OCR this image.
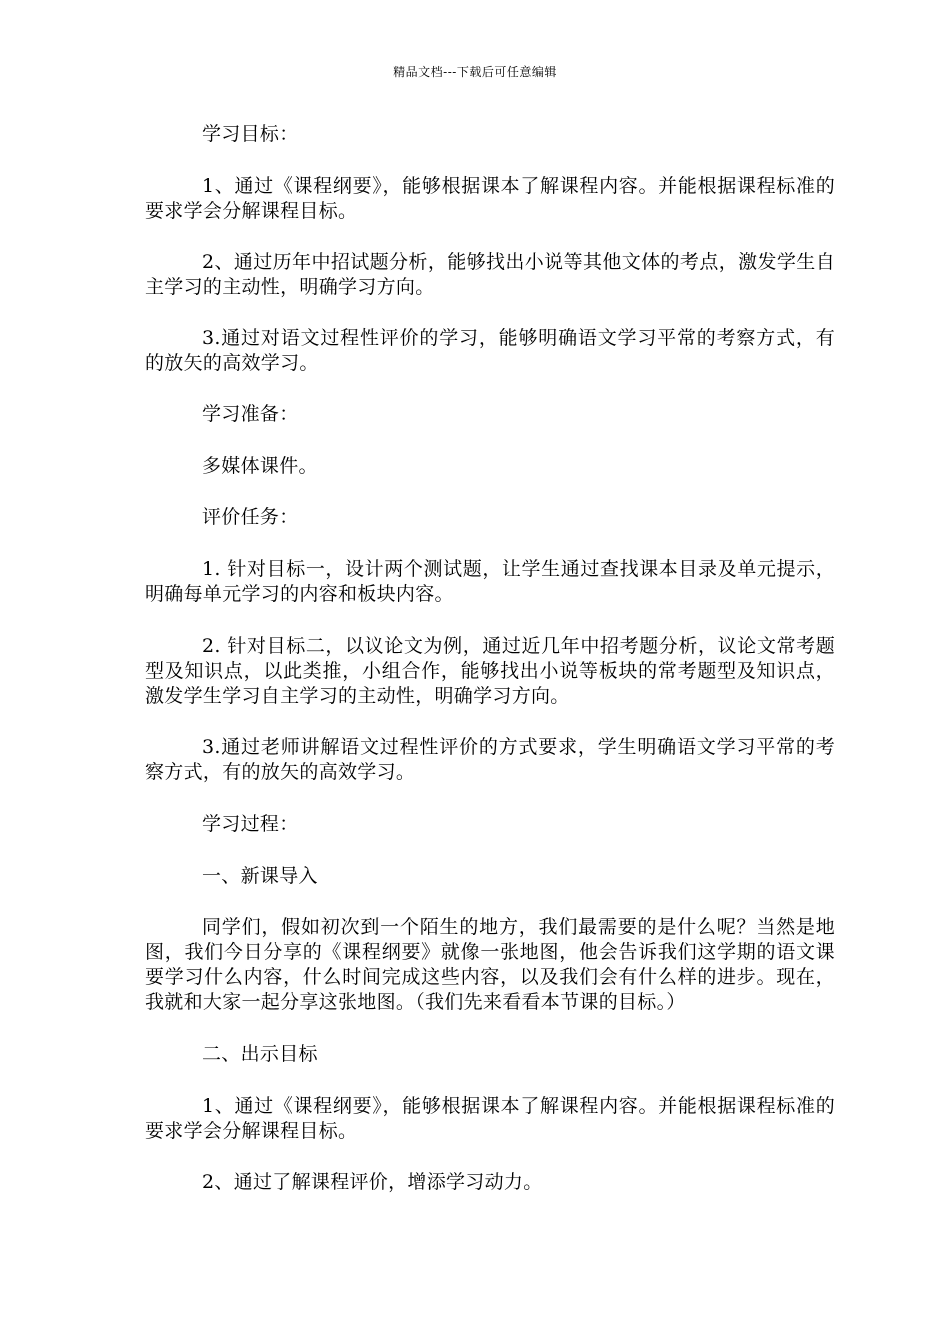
精品文档---下载后可任意编辑

学习目标：

1、通过《课程纲要》，能够根据课本了解课程内容。并能根据课程标准的要求学会分解课程目标。

2、通过历年中招试题分析，能够找出小说等其他文体的考点，激发学生自主学习的主动性，明确学习方向。

3.通过对语文过程性评价的学习，能够明确语文学习平常的考察方式，有的放矢的高效学习。

学习准备：

多媒体课件。

评价任务：

1. 针对目标一，设计两个测试题，让学生通过查找课本目录及单元提示，明确每单元学习的内容和板块内容。

2. 针对目标二，以议论文为例，通过近几年中招考题分析，议论文常考题型及知识点，以此类推，小组合作，能够找出小说等板块的常考题型及知识点，激发学生学习自主学习的主动性，明确学习方向。

3.通过老师讲解语文过程性评价的方式要求，学生明确语文学习平常的考察方式，有的放矢的高效学习。

学习过程：

一、新课导入

同学们，假如初次到一个陌生的地方，我们最需要的是什么呢？当然是地图，我们今日分享的《课程纲要》就像一张地图，他会告诉我们这学期的语文课要学习什么内容，什么时间完成这些内容，以及我们会有什么样的进步。现在，我就和大家一起分享这张地图。（我们先来看看本节课的目标。）

二、出示目标

1、通过《课程纲要》，能够根据课本了解课程内容。并能根据课程标准的要求学会分解课程目标。

2、通过了解课程评价，增添学习动力。
